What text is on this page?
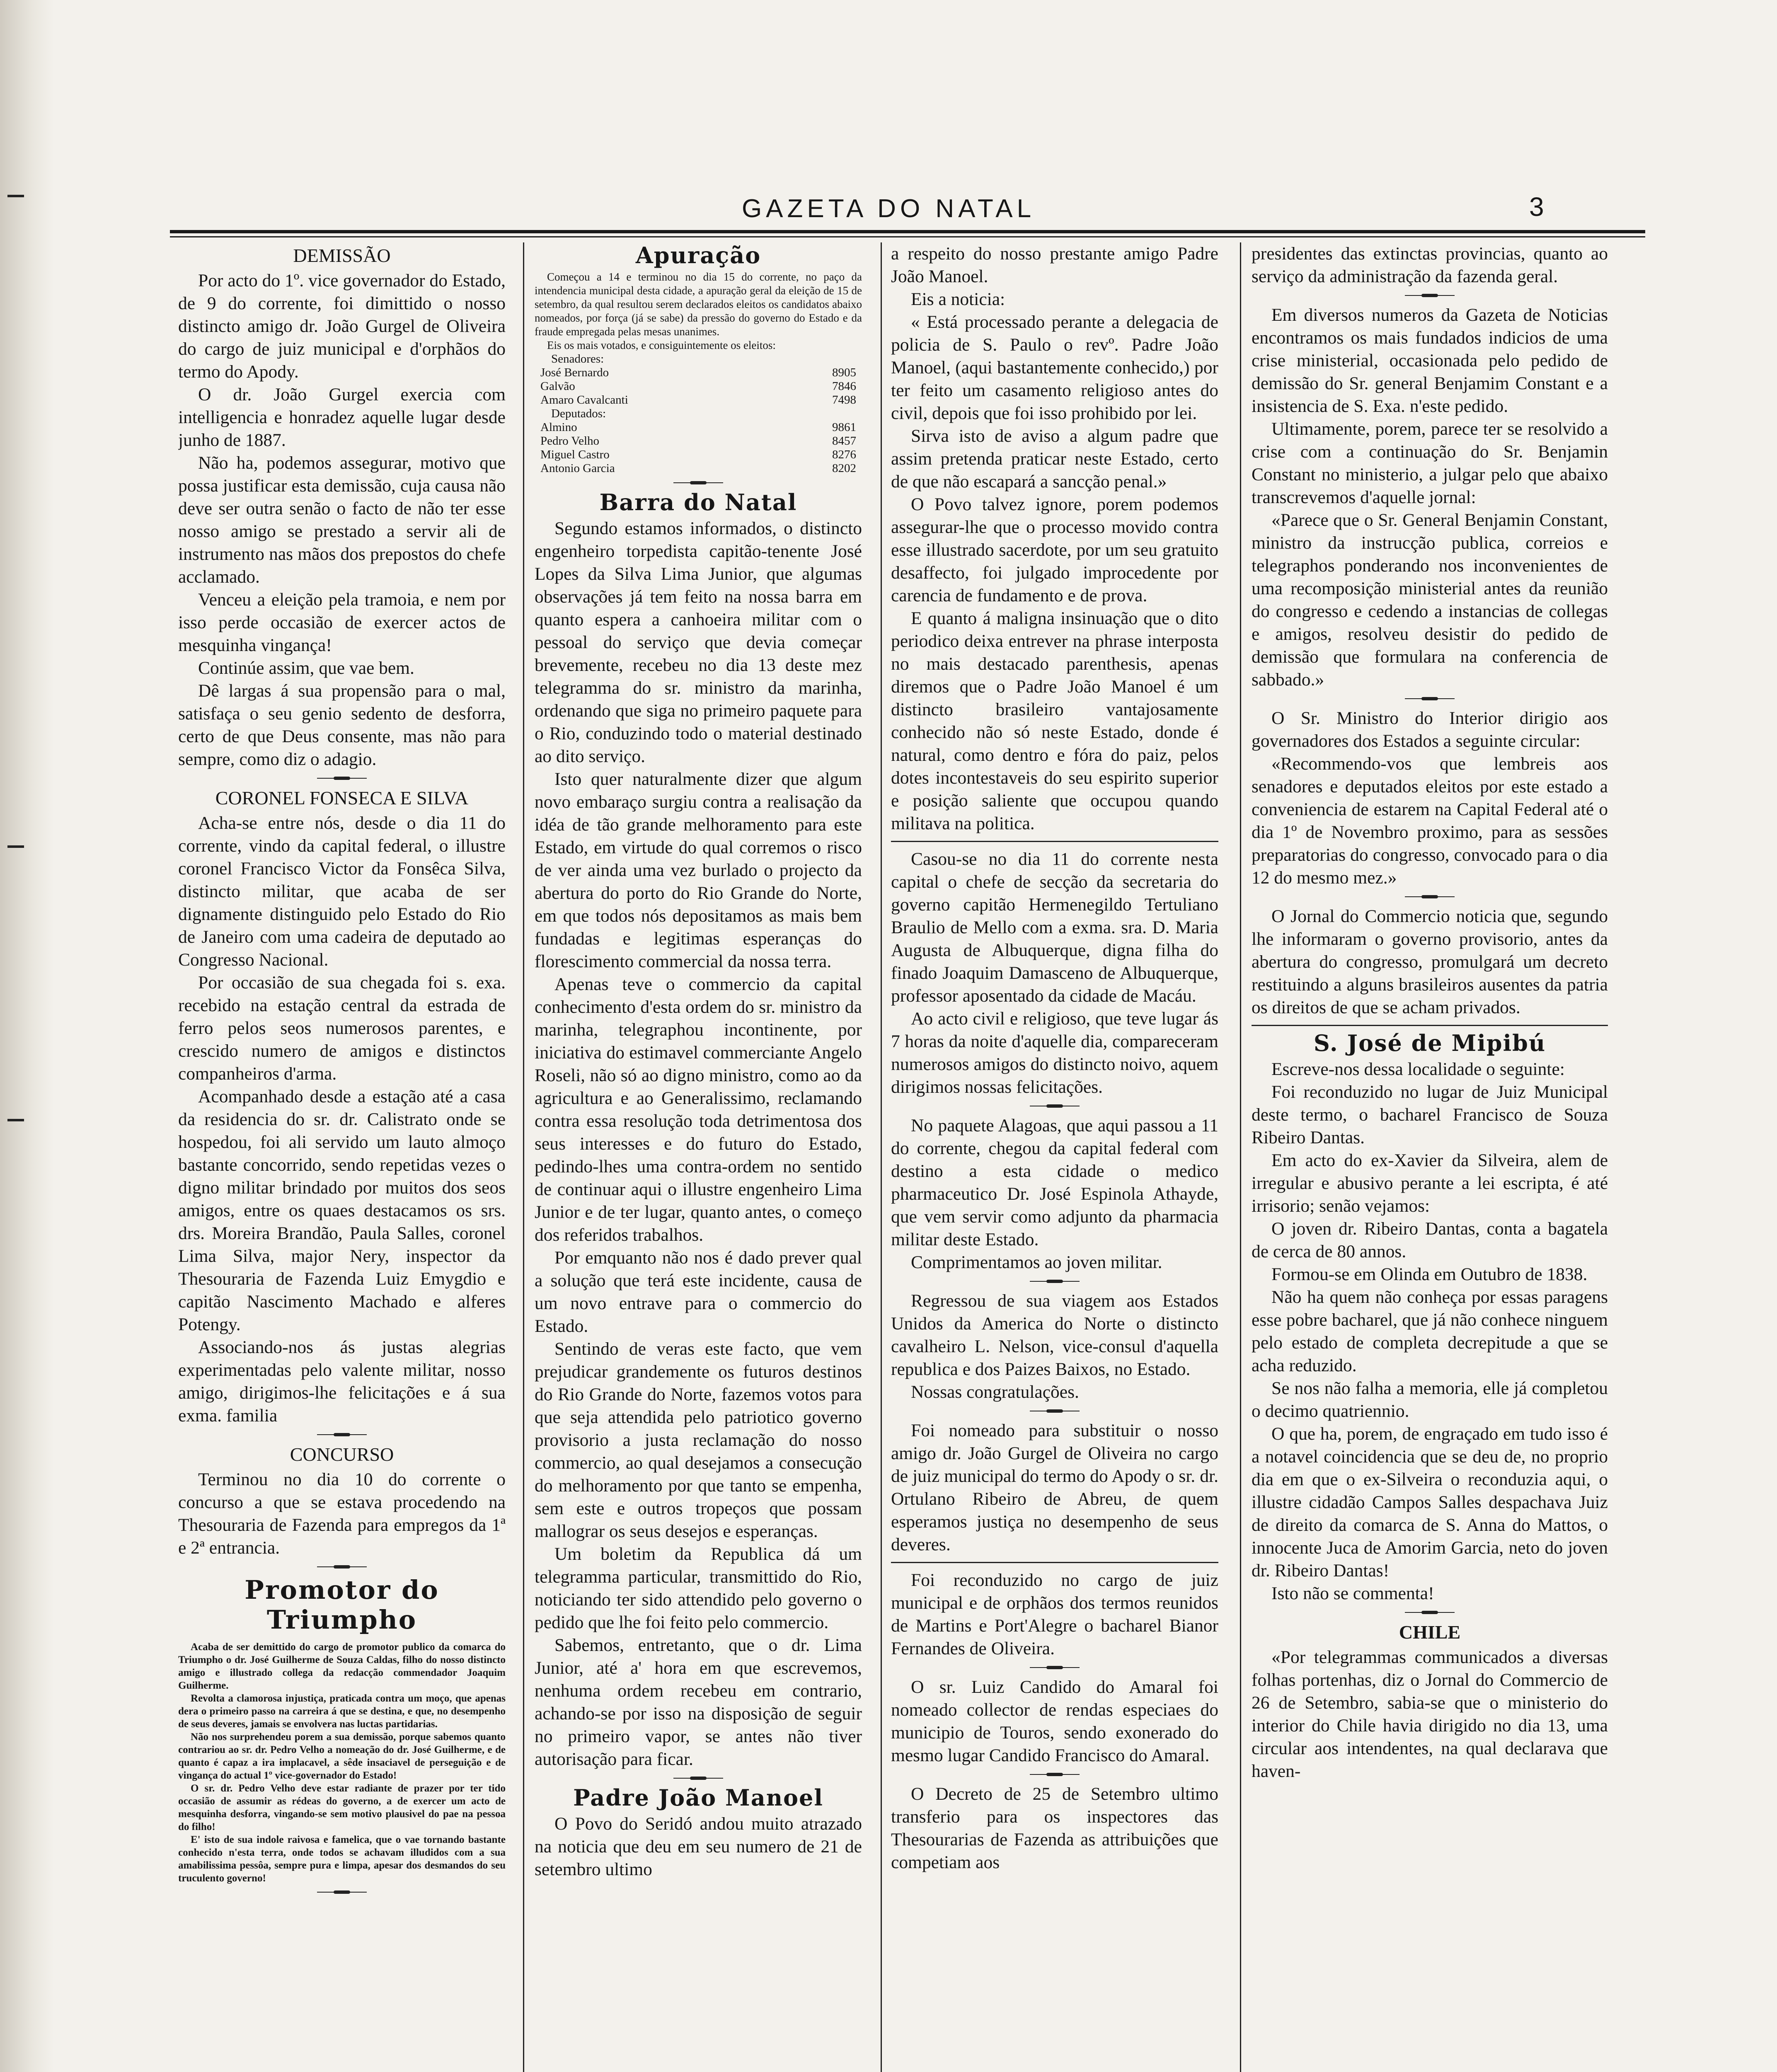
GAZETA DO NATAL	3
DEMISSÃO

Por acto do 1º. vice governador do Estado, de 9 do corrente, foi dimittido o nosso distincto amigo dr. João Gurgel de Oliveira do cargo de juiz municipal e d'orphãos do termo do Apody.

O dr. João Gurgel exercia com intelligencia e honradez aquelle lugar desde junho de 1887.

Não ha, podemos assegurar, motivo que possa justificar esta demissão, cuja causa não deve ser outra senão o facto de não ter esse nosso amigo se prestado a servir ali de instrumento nas mãos dos prepostos do chefe acclamado.

Venceu a eleição pela tramoia, e nem por isso perde occasião de exercer actos de mesquinha vingança!

Continúe assim, que vae bem.

Dê largas á sua propensão para o mal, satisfaça o seu genio sedento de desforra, certo de que Deus consente, mas não para sempre, como diz o adagio.

CORONEL FONSECA E SILVA

Acha-se entre nós, desde o dia 11 do corrente, vindo da capital federal, o illustre coronel Francisco Victor da Fonsêca Silva, distincto militar, que acaba de ser dignamente distinguido pelo Estado do Rio de Janeiro com uma cadeira de deputado ao Congresso Nacional.

Por occasião de sua chegada foi s. exa. recebido na estação central da estrada de ferro pelos seos numerosos parentes, e crescido numero de amigos e distinctos companheiros d'arma.

Acompanhado desde a estação até a casa da residencia do sr. dr. Calistrato onde se hospedou, foi ali servido um lauto almoço bastante concorrido, sendo repetidas vezes o digno militar brindado por muitos dos seos amigos, entre os quaes destacamos os srs. drs. Moreira Brandão, Paula Salles, coronel Lima Silva, major Nery, inspector da Thesouraria de Fazenda Luiz Emygdio e capitão Nascimento Machado e alferes Potengy.

Associando-nos ás justas alegrias experimentadas pelo valente militar, nosso amigo, dirigimos-lhe felicitações e á sua exma. familia

CONCURSO

Terminou no dia 10 do corrente o concurso a que se estava procedendo na Thesouraria de Fazenda para empregos da 1ª e 2ª entrancia.

Promotor do Triumpho

Acaba de ser demittido do cargo de promotor publico da comarca do Triumpho o dr. José Guilherme de Souza Caldas, filho do nosso distincto amigo e illustrado collega da redacção commendador Joaquim Guilherme.

Revolta a clamorosa injustiça, praticada contra um moço, que apenas dera o primeiro passo na carreira á que se destina, e que, no desempenho de seus deveres, jamais se envolvera nas luctas partidarias.

Não nos surprehendeu porem a sua demissão, porque sabemos quanto contrariou ao sr. dr. Pedro Velho a nomeação do dr. José Guilherme, e de quanto é capaz a ira implacavel, a sêde insaciavel de perseguição e de vingança do actual 1º vice-governador do Estado!

O sr. dr. Pedro Velho deve estar radiante de prazer por ter tido occasião de assumir as rédeas do governo, a de exercer um acto de mesquinha desforra, vingando-se sem motivo plausivel do pae na pessoa do filho!

E' isto de sua indole raivosa e famelica, que o vae tornando bastante conhecido n'esta terra, onde todos se achavam illudidos com a sua amabilissima pessôa, sempre pura e limpa, apesar dos desmandos do seu truculento governo!

Apuração

Começou a 14 e terminou no dia 15 do corrente, no paço da intendencia municipal desta cidade, a apuração geral da eleição de 15 de setembro, da qual resultou serem declarados eleitos os candidatos abaixo nomeados, por força (já se sabe) da pressão do governo do Estado e da fraude empregada pelas mesas unanimes.

Eis os mais votados, e consiguintemente os eleitos:

Senadores:
José Bernardo	8905
Galvão	7846
Amaro Cavalcanti	7498
Deputados:
Almino	9861
Pedro Velho	8457
Miguel Castro	8276
Antonio Garcia	8202
Barra do Natal

Segundo estamos informados, o distincto engenheiro torpedista capitão-tenente José Lopes da Silva Lima Junior, que algumas observações já tem feito na nossa barra em quanto espera a canhoeira militar com o pessoal do serviço que devia começar brevemente, recebeu no dia 13 deste mez telegramma do sr. ministro da marinha, ordenando que siga no primeiro paquete para o Rio, conduzindo todo o material destinado ao dito serviço.

Isto quer naturalmente dizer que algum novo embaraço surgiu contra a realisação da idéa de tão grande melhoramento para este Estado, em virtude do qual corremos o risco de ver ainda uma vez burlado o projecto da abertura do porto do Rio Grande do Norte, em que todos nós depositamos as mais bem fundadas e legitimas esperanças do florescimento commercial da nossa terra.

Apenas teve o commercio da capital conhecimento d'esta ordem do sr. ministro da marinha, telegraphou incontinente, por iniciativa do estimavel commerciante Angelo Roseli, não só ao digno ministro, como ao da agricultura e ao Generalissimo, reclamando contra essa resolução toda detrimentosa dos seus interesses e do futuro do Estado, pedindo-lhes uma contra-ordem no sentido de continuar aqui o illustre engenheiro Lima Junior e de ter lugar, quanto antes, o começo dos referidos trabalhos.

Por emquanto não nos é dado prever qual a solução que terá este incidente, causa de um novo entrave para o commercio do Estado.

Sentindo de veras este facto, que vem prejudicar grandemente os futuros destinos do Rio Grande do Norte, fazemos votos para que seja attendida pelo patriotico governo provisorio a justa reclamação do nosso commercio, ao qual desejamos a consecução do melhoramento por que tanto se empenha, sem este e outros tropeços que possam mallograr os seus desejos e esperanças.

Um boletim da Republica dá um telegramma particular, transmittido do Rio, noticiando ter sido attendido pelo governo o pedido que lhe foi feito pelo commercio.

Sabemos, entretanto, que o dr. Lima Junior, até a' hora em que escrevemos, nenhuma ordem recebeu em contrario, achando-se por isso na disposição de seguir no primeiro vapor, se antes não tiver autorisação para ficar.

Padre João Manoel

O Povo do Seridó andou muito atrazado na noticia que deu em seu numero de 21 de setembro ultimo

a respeito do nosso prestante amigo Padre João Manoel.

Eis a noticia:

« Está processado perante a delegacia de policia de S. Paulo o revº. Padre João Manoel, (aqui bastantemente conhecido,) por ter feito um casamento religioso antes do civil, depois que foi isso prohibido por lei.

Sirva isto de aviso a algum padre que assim pretenda praticar neste Estado, certo de que não escapará a sancção penal.»

O Povo talvez ignore, porem podemos assegurar-lhe que o processo movido contra esse illustrado sacerdote, por um seu gratuito desaffecto, foi julgado improcedente por carencia de fundamento e de prova.

E quanto á maligna insinuação que o dito periodico deixa entrever na phrase interposta no mais destacado parenthesis, apenas diremos que o Padre João Manoel é um distincto brasileiro vantajosamente conhecido não só neste Estado, donde é natural, como dentro e fóra do paiz, pelos dotes incontestaveis do seu espirito superior e posição saliente que occupou quando militava na politica.

Casou-se no dia 11 do corrente nesta capital o chefe de secção da secretaria do governo capitão Hermenegildo Tertuliano Braulio de Mello com a exma. sra. D. Maria Augusta de Albuquerque, digna filha do finado Joaquim Damasceno de Albuquerque, professor aposentado da cidade de Macáu.

Ao acto civil e religioso, que teve lugar ás 7 horas da noite d'aquelle dia, compareceram numerosos amigos do distincto noivo, aquem dirigimos nossas felicitações.

No paquete Alagoas, que aqui passou a 11 do corrente, chegou da capital federal com destino a esta cidade o medico pharmaceutico Dr. José Espinola Athayde, que vem servir como adjunto da pharmacia militar deste Estado.

Comprimentamos ao joven militar.

Regressou de sua viagem aos Estados Unidos da America do Norte o distincto cavalheiro L. Nelson, vice-consul d'aquella republica e dos Paizes Baixos, no Estado.

Nossas congratulações.

Foi nomeado para substituir o nosso amigo dr. João Gurgel de Oliveira no cargo de juiz municipal do termo do Apody o sr. dr. Ortulano Ribeiro de Abreu, de quem esperamos justiça no desempenho de seus deveres.

Foi reconduzido no cargo de juiz municipal e de orphãos dos termos reunidos de Martins e Port'Alegre o bacharel Bianor Fernandes de Oliveira.

O sr. Luiz Candido do Amaral foi nomeado collector de rendas especiaes do municipio de Touros, sendo exonerado do mesmo lugar Candido Francisco do Amaral.

O Decreto de 25 de Setembro ultimo transferio para os inspectores das Thesourarias de Fazenda as attribuições que competiam aos

presidentes das extinctas provincias, quanto ao serviço da administração da fazenda geral.

Em diversos numeros da Gazeta de Noticias encontramos os mais fundados indicios de uma crise ministerial, occasionada pelo pedido de demissão do Sr. general Benjamim Constant e a insistencia de S. Exa. n'este pedido.

Ultimamente, porem, parece ter se resolvido a crise com a continuação do Sr. Benjamin Constant no ministerio, a julgar pelo que abaixo transcrevemos d'aquelle jornal:

«Parece que o Sr. General Benjamin Constant, ministro da instrucção publica, correios e telegraphos ponderando nos inconvenientes de uma recomposição ministerial antes da reunião do congresso e cedendo a instancias de collegas e amigos, resolveu desistir do pedido de demissão que formulara na conferencia de sabbado.»

O Sr. Ministro do Interior dirigio aos governadores dos Estados a seguinte circular:

«Recommendo-vos que lembreis aos senadores e deputados eleitos por este estado a conveniencia de estarem na Capital Federal até o dia 1º de Novembro proximo, para as sessões preparatorias do congresso, convocado para o dia 12 do mesmo mez.»

O Jornal do Commercio noticia que, segundo lhe informaram o governo provisorio, antes da abertura do congresso, promulgará um decreto restituindo a alguns brasileiros ausentes da patria os direitos de que se acham privados.

S. José de Mipibú

Escreve-nos dessa localidade o seguinte:

Foi reconduzido no lugar de Juiz Municipal deste termo, o bacharel Francisco de Souza Ribeiro Dantas.

Em acto do ex-Xavier da Silveira, alem de irregular e abusivo perante a lei escripta, é até irrisorio; senão vejamos:

O joven dr. Ribeiro Dantas, conta a bagatela de cerca de 80 annos.

Formou-se em Olinda em Outubro de 1838.

Não ha quem não conheça por essas paragens esse pobre bacharel, que já não conhece ninguem pelo estado de completa decrepitude a que se acha reduzido.

Se nos não falha a memoria, elle já completou o decimo quatriennio.

O que ha, porem, de engraçado em tudo isso é a notavel coincidencia que se deu de, no proprio dia em que o ex-Silveira o reconduzia aqui, o illustre cidadão Campos Salles despachava Juiz de direito da comarca de S. Anna do Mattos, o innocente Juca de Amorim Garcia, neto do joven dr. Ribeiro Dantas!

Isto não se commenta!

CHILE

«Por telegrammas communicados a diversas folhas portenhas, diz o Jornal do Commercio de 26 de Setembro, sabia-se que o ministerio do interior do Chile havia dirigido no dia 13, uma circular aos intendentes, na qual declarava que haven-
